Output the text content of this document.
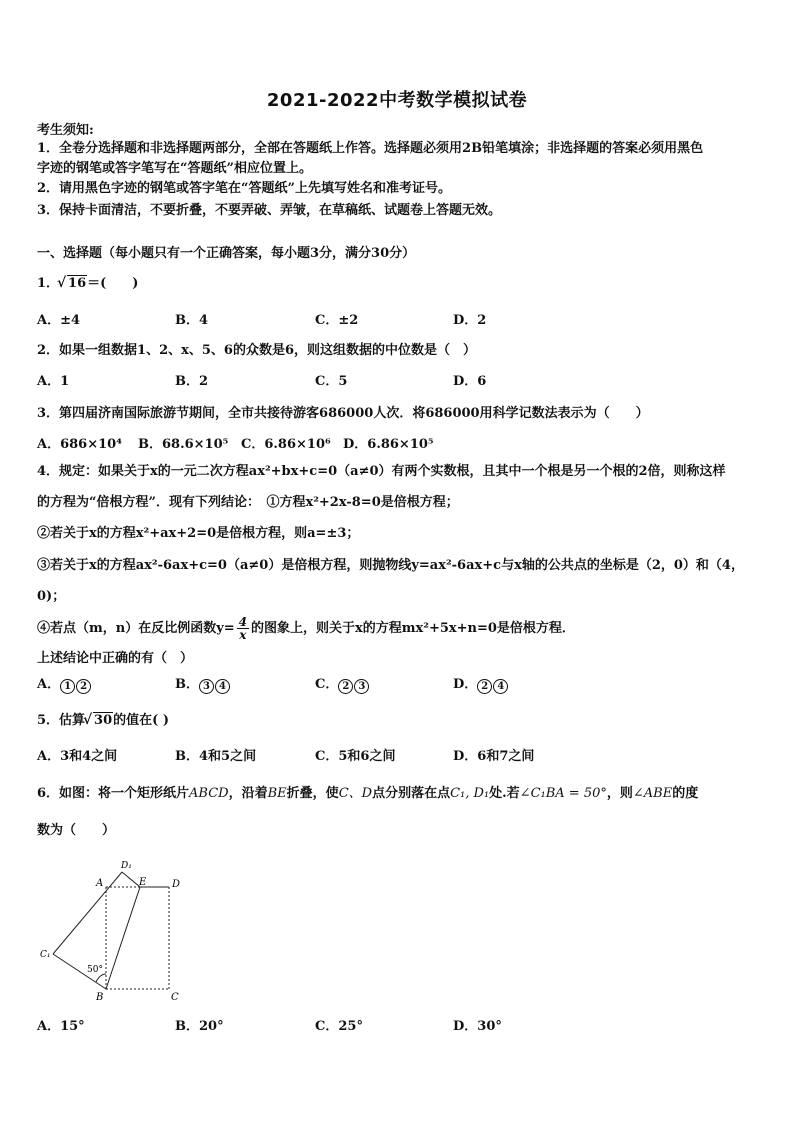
2021-2022中考数学模拟试卷
考生须知:
1．全卷分选择题和非选择题两部分，全部在答题纸上作答。选择题必须用2B铅笔填涂；非选择题的答案必须用黑色
字迹的钢笔或答字笔写在“答题纸”相应位置上。
2．请用黑色字迹的钢笔或答字笔在“答题纸”上先填写姓名和准考证号。
3．保持卡面清洁，不要折叠，不要弄破、弄皱，在草稿纸、试题卷上答题无效。
一、选择题（每小题只有一个正确答案，每小题3分，满分30分）
1． √ 16＝(　　)
A．±4	B．4	C．±2	D．2
2．如果一组数据1、2、x、5、6的众数是6，则这组数据的中位数是（　）
A．1	B．2	C．5	D．6
3．第四届济南国际旅游节期间，全市共接待游客686000人次．将686000用科学记数法表示为（　　）
A．686×10⁴ B．68.6×10⁵ C．6.86×10⁶ D．6.86×10⁵
4．规定：如果关于x的一元二次方程ax²+bx+c=0（a≠0）有两个实数根，且其中一个根是另一个根的2倍，则称这样
的方程为“倍根方程”．现有下列结论：　①方程x²+2x-8=0是倍根方程；
②若关于x的方程x²+ax+2=0是倍根方程，则a=±3；
③若关于x的方程ax²-6ax+c=0（a≠0）是倍根方程，则抛物线y=ax²-6ax+c与x轴的公共点的坐标是（2，0）和（4，
0)；
④若点（m，n）在反比例函数$y= \frac{4}{x}$ 的图象上，则关于x的方程mx²+5x+n=0是倍根方程．
上述结论中正确的有（　）
A． 1 2	B． 3 4	C． 2 3	D． 2 4
5．估算 √ 30的值在( )
A．3和4之间	B．4和5之间	C．5和6之间	D．6和7之间
6．如图：将一个矩形纸片ABCD，沿着BE折叠，使C、D点分别落在点C₁, D₁处.若∠C₁BA = 50°，则∠ABE的度
数为（　　）
D₁
A	E	D
C₁
B	C
50°
A．15°	B．20°	C．25°	D．30°
